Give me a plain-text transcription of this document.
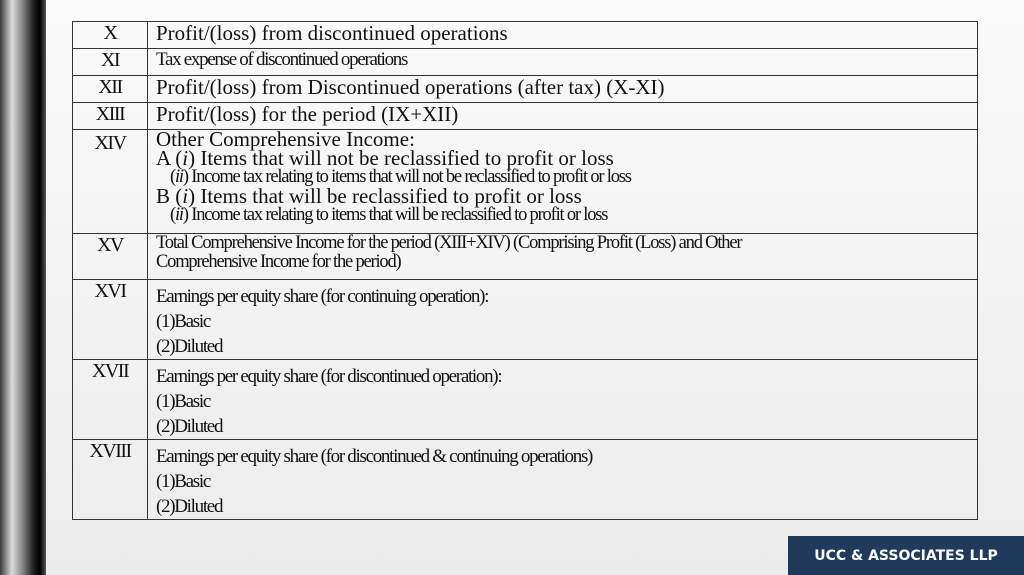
X	Profit/(loss) from discontinued operations
XI	Tax expense of discontinued operations
XII	Profit/(loss) from Discontinued operations (after tax) (X-XI)
XIII	Profit/(loss) for the period (IX+XII)
XIV	Other Comprehensive Income:
A (i) Items that will not be reclassified to profit or loss
(ii) Income tax relating to items that will not be reclassified to profit or loss
B (i) Items that will be reclassified to profit or loss
(ii) Income tax relating to items that will be reclassified to profit or loss

XV	Total Comprehensive Income for the period (XIII+XIV) (Comprising Profit (Loss) and Other
Comprehensive Income for the period)

XVI	Earnings per equity share (for continuing operation):
(1)Basic
(2)Diluted

XVII	Earnings per equity share (for discontinued operation):
(1)Basic
(2)Diluted

XVIII	Earnings per equity share (for discontinued & continuing operations)
(1)Basic
(2)Diluted
UCC & ASSOCIATES LLP
